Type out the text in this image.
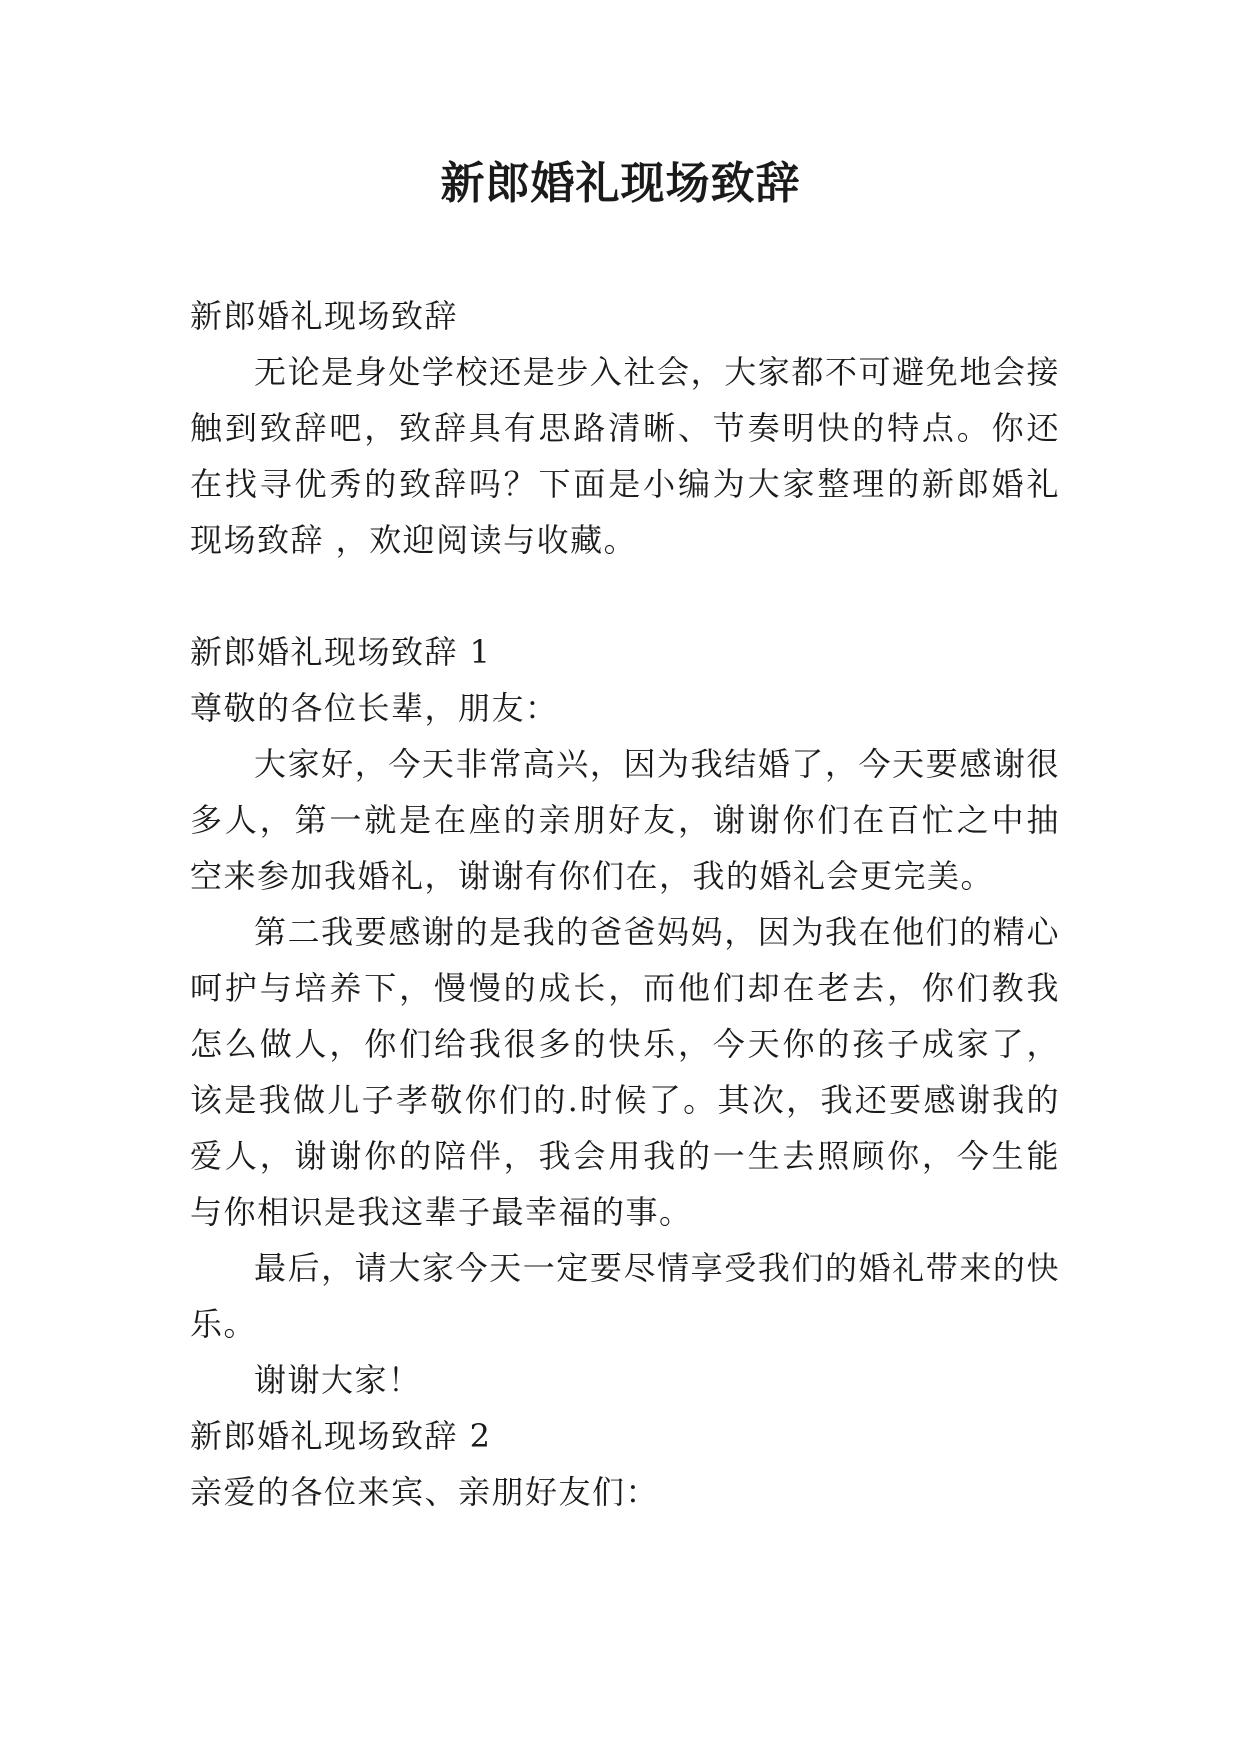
新郎婚礼现场致辞

新郎婚礼现场致辞

无论是身处学校还是步入社会，大家都不可避免地会接触到致辞吧，致辞具有思路清晰、节奏明快的特点。你还在找寻优秀的致辞吗？下面是小编为大家整理的新郎婚礼现场致辞 ，欢迎阅读与收藏。

新郎婚礼现场致辞 1

尊敬的各位长辈，朋友：

大家好，今天非常高兴，因为我结婚了，今天要感谢很多人，第一就是在座的亲朋好友，谢谢你们在百忙之中抽空来参加我婚礼，谢谢有你们在，我的婚礼会更完美。

第二我要感谢的是我的爸爸妈妈，因为我在他们的精心呵护与培养下，慢慢的成长，而他们却在老去，你们教我怎么做人，你们给我很多的快乐，今天你的孩子成家了，该是我做儿子孝敬你们的.时候了。其次，我还要感谢我的爱人，谢谢你的陪伴，我会用我的一生去照顾你，今生能与你相识是我这辈子最幸福的事。

最后，请大家今天一定要尽情享受我们的婚礼带来的快乐。

谢谢大家！

新郎婚礼现场致辞 2

亲爱的各位来宾、亲朋好友们：
